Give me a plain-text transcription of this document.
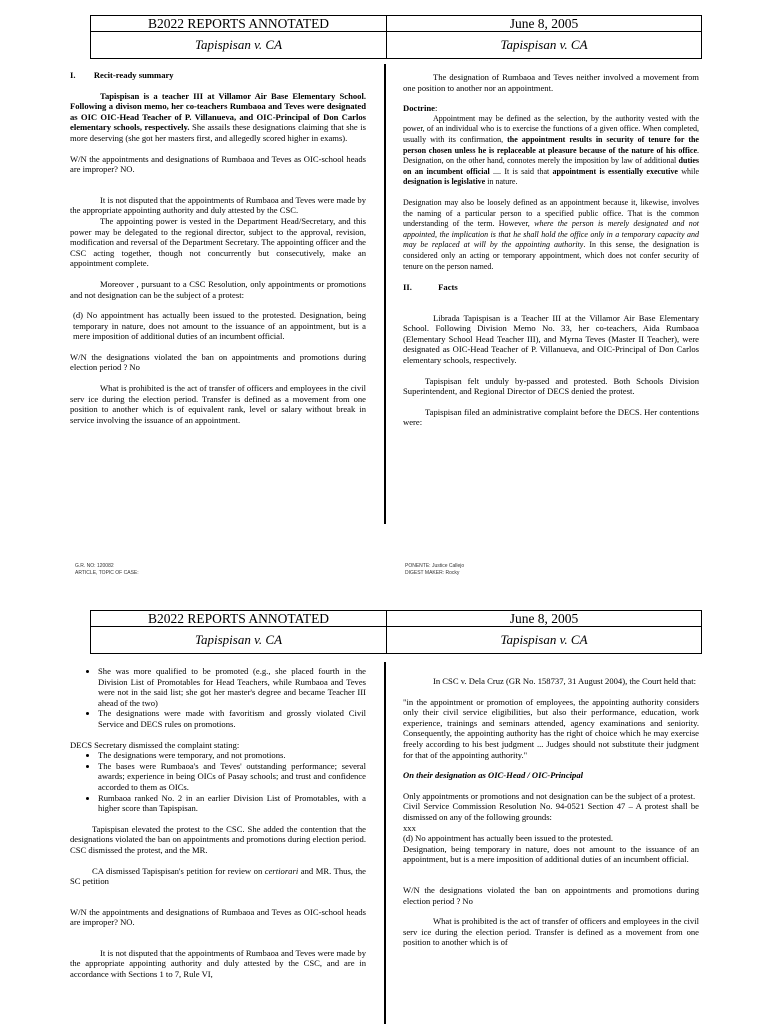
B2022 REPORTS ANNOTATED	June 8, 2005
Tapispisan v. CA	Tapispisan v. CA

I. Recit-ready summary

Tapispisan is a teacher III at Villamor Air Base Elementary School. Following a divison memo, her co-teachers Rumbaoa and Teves were designated as OIC OIC-Head Teacher of P. Villanueva, and OIC-Principal of Don Carlos elementary schools, respectively. She assails these designations claiming that she is more deserving (she got her masters first, and allegedly scored higher in exams).

W/N the appointments and designations of Rumbaoa and Teves as OIC-school heads are improper? NO.

It is not disputed that the appointments of Rumbaoa and Teves were made by the appropriate appointing authority and duly attested by the CSC.

The appointing power is vested in the Department Head/Secretary, and this power may be delegated to the regional director, subject to the approval, revision, modification and reversal of the Department Secretary. The appointing officer and the CSC acting together, though not concurrently but consecutively, make an appointment complete.

Moreover , pursuant to a CSC Resolution, only appointments or promotions and not designation can be the subject of a protest:

(d) No appointment has actually been issued to the protested. Designation, being temporary in nature, does not amount to the issuance of an appointment, but is a mere imposition of additional duties of an incumbent official.

W/N the designations violated the ban on appointments and promotions during election period ? No

What is prohibited is the act of transfer of officers and employees in the civil serv ice during the election period. Transfer is defined as a movement from one position to another which is of equivalent rank, level or salary without break in service involving the issuance of an appointment.

The designation of Rumbaoa and Teves neither involved a movement from one position to another nor an appointment.

Doctrine:

Appointment may be defined as the selection, by the authority vested with the power, of an individual who is to exercise the functions of a given office. When completed, usually with its confirmation, the appointment results in security of tenure for the person chosen unless he is replaceable at pleasure because of the nature of his office. Designation, on the other hand, connotes merely the imposition by law of additional duties on an incumbent official .... It is said that appointment is essentially executive while designation is legislative in nature.

Designation may also be loosely defined as an appointment because it, likewise, involves the naming of a particular person to a specified public office. That is the common understanding of the term. However, where the person is merely designated and not appointed, the implication is that he shall hold the office only in a temporary capacity and may be replaced at will by the appointing authority. In this sense, the designation is considered only an acting or temporary appointment, which does not confer security of tenure on the person named.

II.	Facts

Librada Tapispisan is a Teacher III at the Villamor Air Base Elementary School. Following Division Memo No. 33, her co-teachers, Aida Rumbaoa (Elementary School Head Teacher III), and Myrna Teves (Master II Teacher), were designated as OIC-Head Teacher of P. Villanueva, and OIC-Principal of Don Carlos elementary schools, respectively.

Tapispisan felt unduly by-passed and protested. Both Schools Division Superintendent, and Regional Director of DECS denied the protest.

Tapispisan filed an administrative complaint before the DECS. Her contentions were:

G.R. NO: 120082
ARTICLE, TOPIC OF CASE:
PONENTE: Justice Callejo
DIGEST MAKER: Rocky
B2022 REPORTS ANNOTATED	June 8, 2005
Tapispisan v. CA	Tapispisan v. CA
• She was more qualified to be promoted (e.g., she placed fourth in the Division List of Promotables for Head Teachers, while Rumbaoa and Teves were not in the said list; she got her master's degree and became Teacher III ahead of the two)
• The designations were made with favoritism and grossly violated Civil Service and DECS rules on promotions.

DECS Secretary dismissed the complaint stating:

• The designations were temporary, and not promotions.
• The bases were Rumbaoa's and Teves' outstanding performance; several awards; experience in being OICs of Pasay schools; and trust and confidence accorded to them as OICs.
• Rumbaoa ranked No. 2 in an earlier Division List of Promotables, with a higher score than Tapispisan.

Tapispisan elevated the protest to the CSC. She added the contention that the designations violated the ban on appointments and promotions during election period. CSC dismissed the protest, and the MR.

CA dismissed Tapispisan's petition for review on certiorari and MR. Thus, the SC petition

W/N the appointments and designations of Rumbaoa and Teves as OIC-school heads are improper? NO.

It is not disputed that the appointments of Rumbaoa and Teves were made by the appropriate appointing authority and duly attested by the CSC, and are in accordance with Sections 1 to 7, Rule VI,

In CSC v. Dela Cruz (GR No. 158737, 31 August 2004), the Court held that:

"in the appointment or promotion of employees, the appointing authority considers only their civil service eligibilities, but also their performance, education, work experience, trainings and seminars attended, agency examinations and seniority. Consequently, the appointing authority has the right of choice which he may exercise freely according to his best judgment ... Judges should not substitute their judgment for that of the appointing authority."

On their designation as OIC-Head / OIC-Principal

Only appointments or promotions and not designation can be the subject of a protest.

Civil Service Commission Resolution No. 94-0521 Section 47 – A protest shall be dismissed on any of the following grounds:

xxx

(d) No appointment has actually been issued to the protested.

Designation, being temporary in nature, does not amount to the issuance of an appointment, but is a mere imposition of additional duties of an incumbent official.

W/N the designations violated the ban on appointments and promotions during election period ? No

What is prohibited is the act of transfer of officers and employees in the civil serv ice during the election period. Transfer is defined as a movement from one position to another which is of
